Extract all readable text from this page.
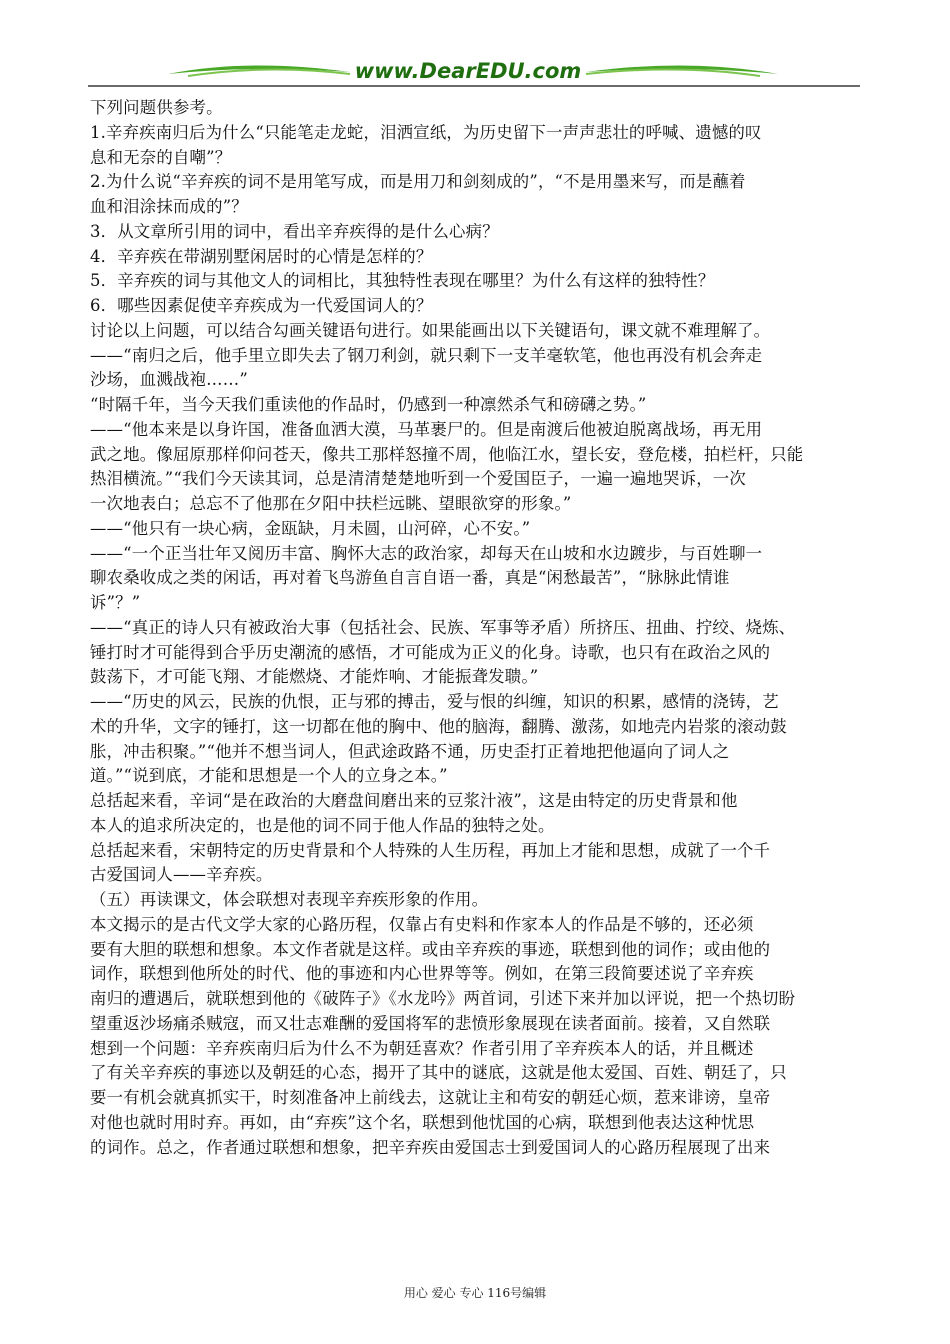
www.DearEDU.com
下列问题供参考。
1.辛弃疾南归后为什么“只能笔走龙蛇，泪洒宣纸，为历史留下一声声悲壮的呼喊、遗憾的叹
息和无奈的自嘲”？
2.为什么说“辛弃疾的词不是用笔写成，而是用刀和剑刻成的”，“不是用墨来写，而是蘸着
血和泪涂抹而成的”？
3．从文章所引用的词中，看出辛弃疾得的是什么心病？
4．辛弃疾在带湖别墅闲居时的心情是怎样的？
5．辛弃疾的词与其他文人的词相比，其独特性表现在哪里？为什么有这样的独特性？
6．哪些因素促使辛弃疾成为一代爱国词人的？
讨论以上问题，可以结合勾画关键语句进行。如果能画出以下关键语句，课文就不难理解了。
——“南归之后，他手里立即失去了钢刀利剑，就只剩下一支羊毫软笔，他也再没有机会奔走
沙场，血溅战袍……”
“时隔千年，当今天我们重读他的作品时，仍感到一种凛然杀气和磅礴之势。”
——“他本来是以身许国，准备血洒大漠，马革裹尸的。但是南渡后他被迫脱离战场，再无用
武之地。像屈原那样仰问苍天，像共工那样怒撞不周，他临江水，望长安，登危楼，拍栏杆，只能
热泪横流。”“我们今天读其词，总是清清楚楚地听到一个爱国臣子，一遍一遍地哭诉，一次
一次地表白；总忘不了他那在夕阳中扶栏远眺、望眼欲穿的形象。”
——“他只有一块心病，金瓯缺，月未圆，山河碎，心不安。”
——“一个正当壮年又阅历丰富、胸怀大志的政治家，却每天在山坡和水边踱步，与百姓聊一
聊农桑收成之类的闲话，再对着飞鸟游鱼自言自语一番，真是“闲愁最苦”，“脉脉此情谁
诉”？”
——“真正的诗人只有被政治大事（包括社会、民族、军事等矛盾）所挤压、扭曲、拧绞、烧炼、
锤打时才可能得到合乎历史潮流的感悟，才可能成为正义的化身。诗歌，也只有在政治之风的
鼓荡下，才可能飞翔、才能燃烧、才能炸响、才能振聋发聩。”
——“历史的风云，民族的仇恨，正与邪的搏击，爱与恨的纠缠，知识的积累，感情的浇铸，艺
术的升华，文字的锤打，这一切都在他的胸中、他的脑海，翻腾、激荡，如地壳内岩浆的滚动鼓
胀，冲击积聚。”“他并不想当词人，但武途政路不通，历史歪打正着地把他逼向了词人之
道。”“说到底，才能和思想是一个人的立身之本。”
总括起来看，辛词“是在政治的大磨盘间磨出来的豆浆汁液”，这是由特定的历史背景和他
本人的追求所决定的，也是他的词不同于他人作品的独特之处。
总括起来看，宋朝特定的历史背景和个人特殊的人生历程，再加上才能和思想，成就了一个千
古爱国词人——辛弃疾。
（五）再读课文，体会联想对表现辛弃疾形象的作用。
本文揭示的是古代文学大家的心路历程，仅靠占有史料和作家本人的作品是不够的，还必须
要有大胆的联想和想象。本文作者就是这样。或由辛弃疾的事迹，联想到他的词作；或由他的
词作，联想到他所处的时代、他的事迹和内心世界等等。例如，在第三段简要述说了辛弃疾
南归的遭遇后，就联想到他的《破阵子》《水龙吟》两首词，引述下来并加以评说，把一个热切盼
望重返沙场痛杀贼寇，而又壮志难酬的爱国将军的悲愤形象展现在读者面前。接着，又自然联
想到一个问题：辛弃疾南归后为什么不为朝廷喜欢？作者引用了辛弃疾本人的话，并且概述
了有关辛弃疾的事迹以及朝廷的心态，揭开了其中的谜底，这就是他太爱国、百姓、朝廷了，只
要一有机会就真抓实干，时刻准备冲上前线去，这就让主和苟安的朝廷心烦，惹来诽谤，皇帝
对他也就时用时弃。再如，由“弃疾”这个名，联想到他忧国的心病，联想到他表达这种忧思
的词作。总之，作者通过联想和想象，把辛弃疾由爱国志士到爱国词人的心路历程展现了出来
用心 爱心 专心 116号编辑
